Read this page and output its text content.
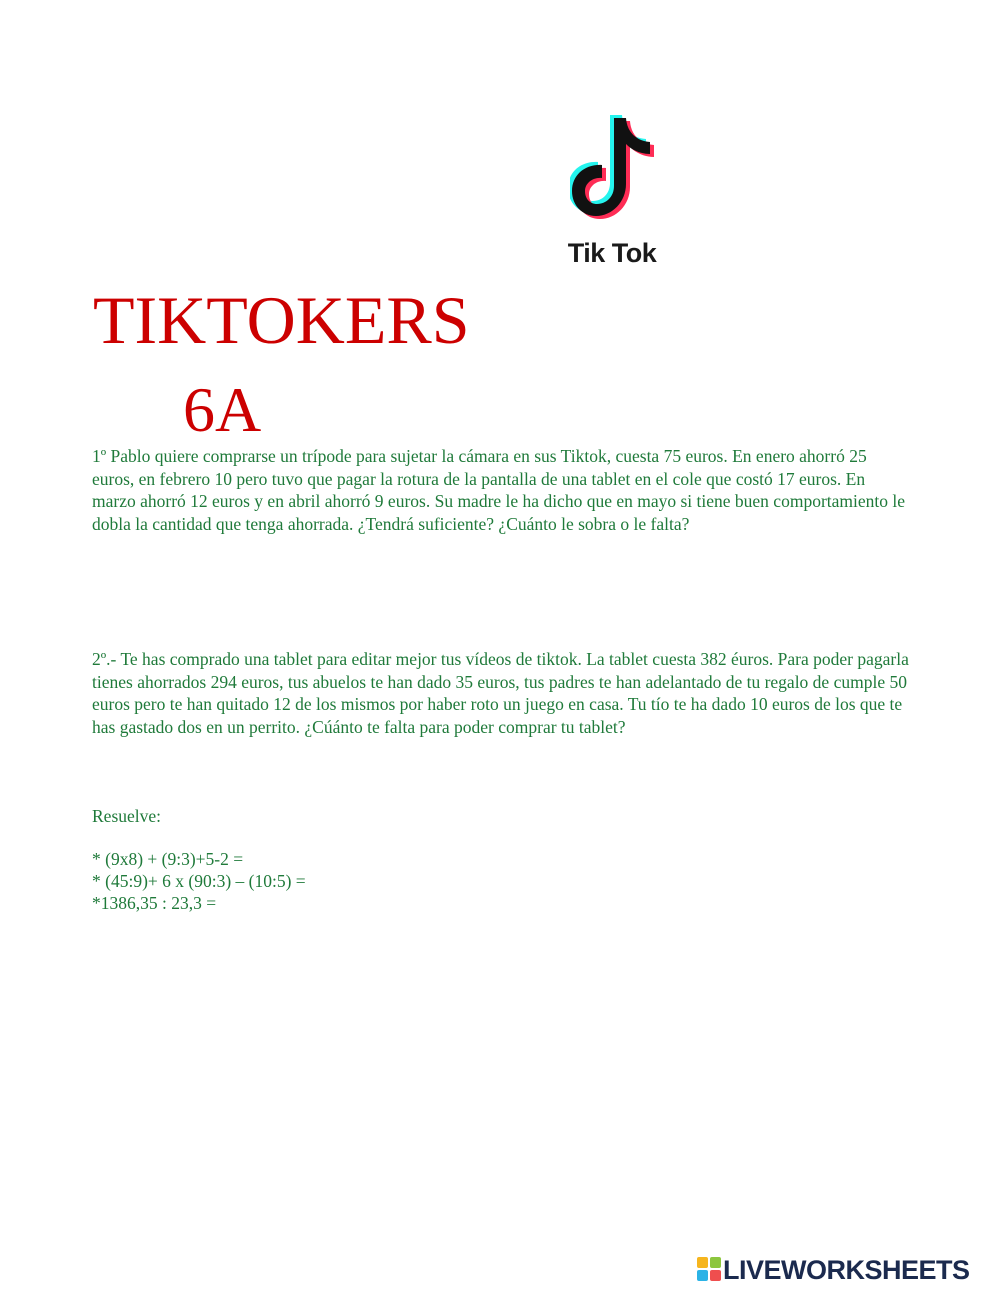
Tik Tok
TIKTOKERS
6A
1º Pablo quiere comprarse un trípode para sujetar la cámara en sus Tiktok, cuesta 75 euros. En enero ahorró 25 euros, en febrero 10 pero tuvo que pagar la rotura de la pantalla de una tablet en el cole que costó 17 euros. En marzo ahorró 12 euros y en abril ahorró 9 euros. Su madre le ha dicho que en mayo si tiene buen comportamiento le dobla la cantidad que tenga ahorrada. ¿Tendrá suficiente? ¿Cuánto le sobra o le falta?
2º.- Te has comprado una tablet para editar mejor tus vídeos de tiktok. La tablet cuesta 382 éuros. Para poder pagarla tienes ahorrados 294 euros, tus abuelos te han dado 35 euros, tus padres te han adelantado de tu regalo de cumple 50 euros pero te han quitado 12 de los mismos por haber roto un juego en casa. Tu tío te ha dado 10 euros de los que te has gastado dos en un perrito. ¿Cúánto te falta para poder comprar tu tablet?
Resuelve:
* (9x8) + (9:3)+5-2 =
* (45:9)+ 6 x (90:3) – (10:5) =
*1386,35 : 23,3 =
LIVEWORKSHEETS
